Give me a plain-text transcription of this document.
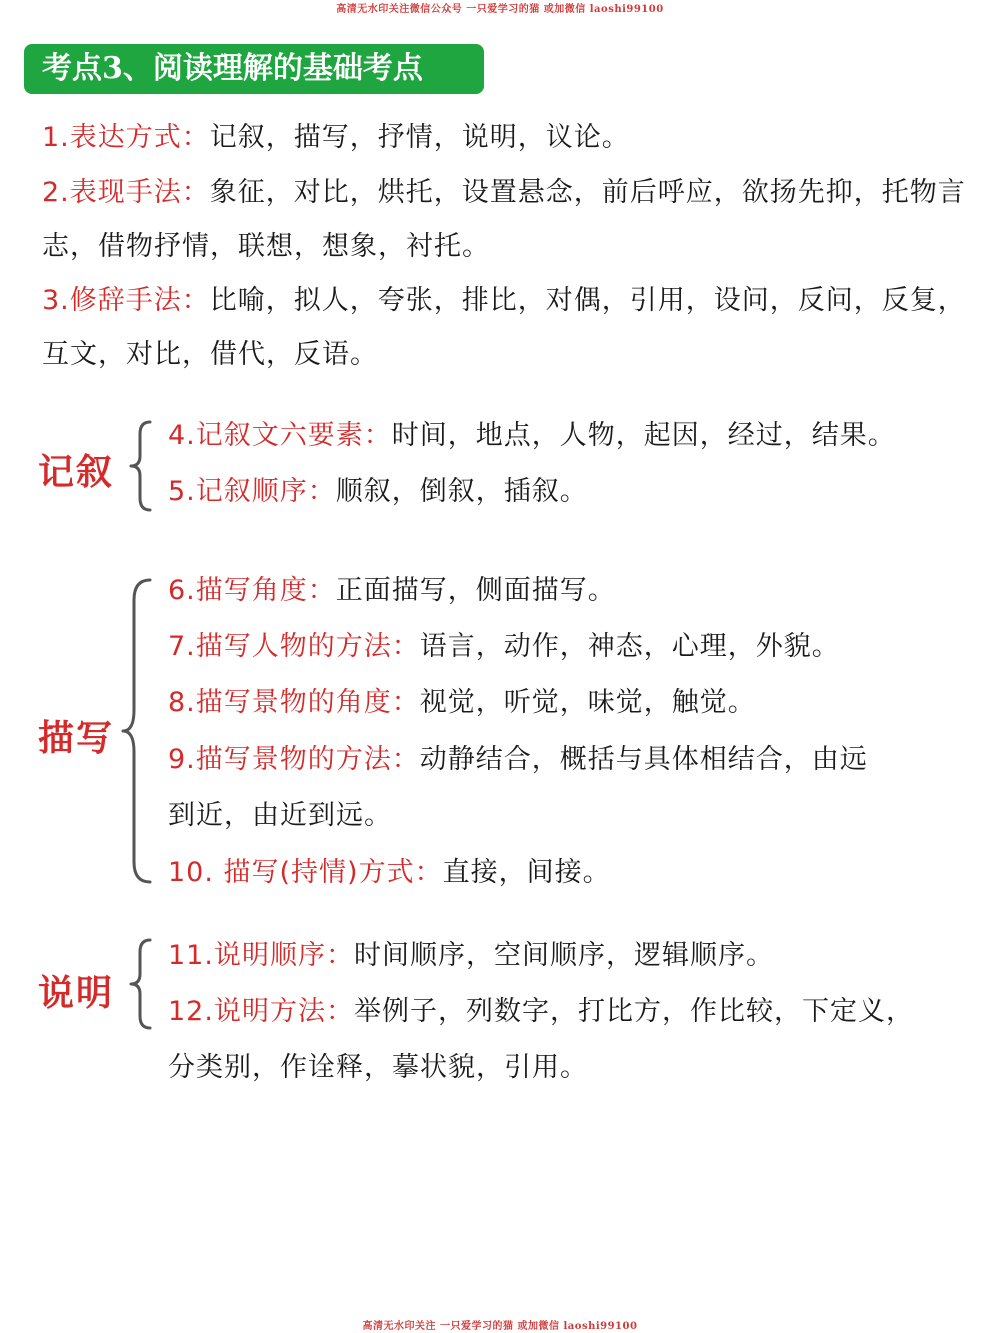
高清无水印关注微信公众号 一只爱学习的猫 或加微信 laoshi99100
考点3、阅读理解的基础考点
1.表达方式：记叙，描写，抒情，说明，议论。
2.表现手法：象征，对比，烘托，设置悬念，前后呼应，欲扬先抑，托物言
志，借物抒情，联想，想象，衬托。
3.修辞手法：比喻，拟人，夸张，排比，对偶，引用，设问，反问，反复，
互文，对比，借代，反语。
记叙
4.记叙文六要素：时间，地点，人物，起因，经过，结果。
5.记叙顺序：顺叙，倒叙，插叙。
描写
6.描写角度：正面描写，侧面描写。
7.描写人物的方法：语言，动作，神态，心理，外貌。
8.描写景物的角度：视觉，听觉，味觉，触觉。
9.描写景物的方法：动静结合，概括与具体相结合，由远
到近，由近到远。
10. 描写(持情)方式：直接，间接。
说明
11.说明顺序：时间顺序，空间顺序，逻辑顺序。
12.说明方法：举例子，列数字，打比方，作比较，下定义，
分类别，作诠释，摹状貌，引用。
高清无水印关注 一只爱学习的猫 或加微信 laoshi99100
